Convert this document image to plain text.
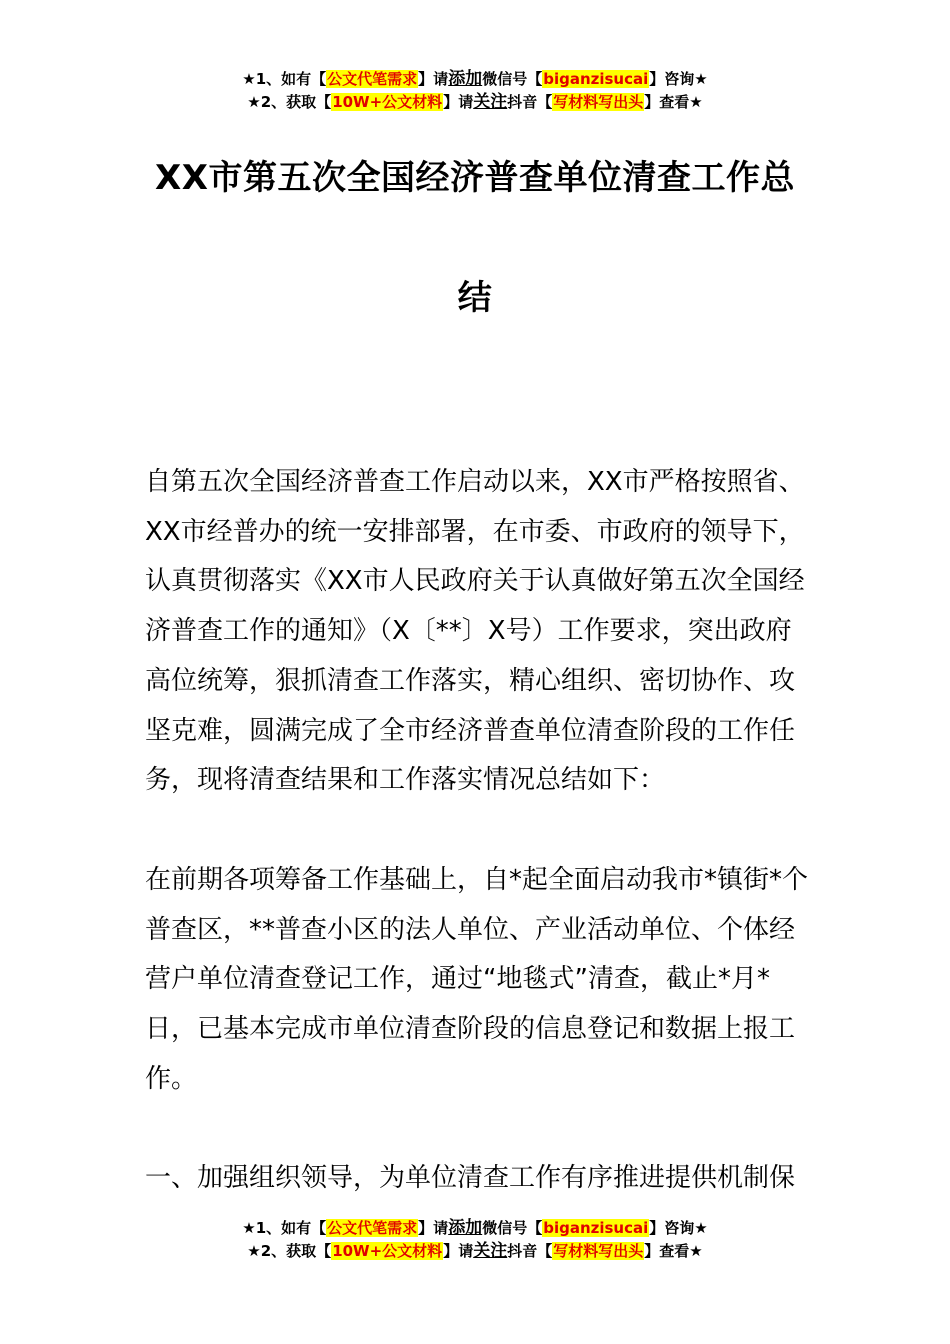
★1、如有【公文代笔需求】请添加微信号【biganzisucai】咨询★
★2、获取【10W+公文材料】请关注抖音【写材料写出头】查看★
XX市第五次全国经济普查单位清查工作总
结

自第五次全国经济普查工作启动以来，XX市严格按照省、XX市经普办的统一安排部署，在市委、市政府的领导下，认真贯彻落实《XX市人民政府关于认真做好第五次全国经济普查工作的通知》（X〔**〕X号）工作要求，突出政府高位统筹，狠抓清查工作落实，精心组织、密切协作、攻坚克难，圆满完成了全市经济普查单位清查阶段的工作任务，现将清查结果和工作落实情况总结如下：

在前期各项筹备工作基础上，自*起全面启动我市*镇街*个普查区，**普查小区的法人单位、产业活动单位、个体经营户单位清查登记工作，通过“地毯式”清查，截止*月*日，已基本完成市单位清查阶段的信息登记和数据上报工作。

一、加强组织领导，为单位清查工作有序推进提供机制保

★1、如有【公文代笔需求】请添加微信号【biganzisucai】咨询★
★2、获取【10W+公文材料】请关注抖音【写材料写出头】查看★
